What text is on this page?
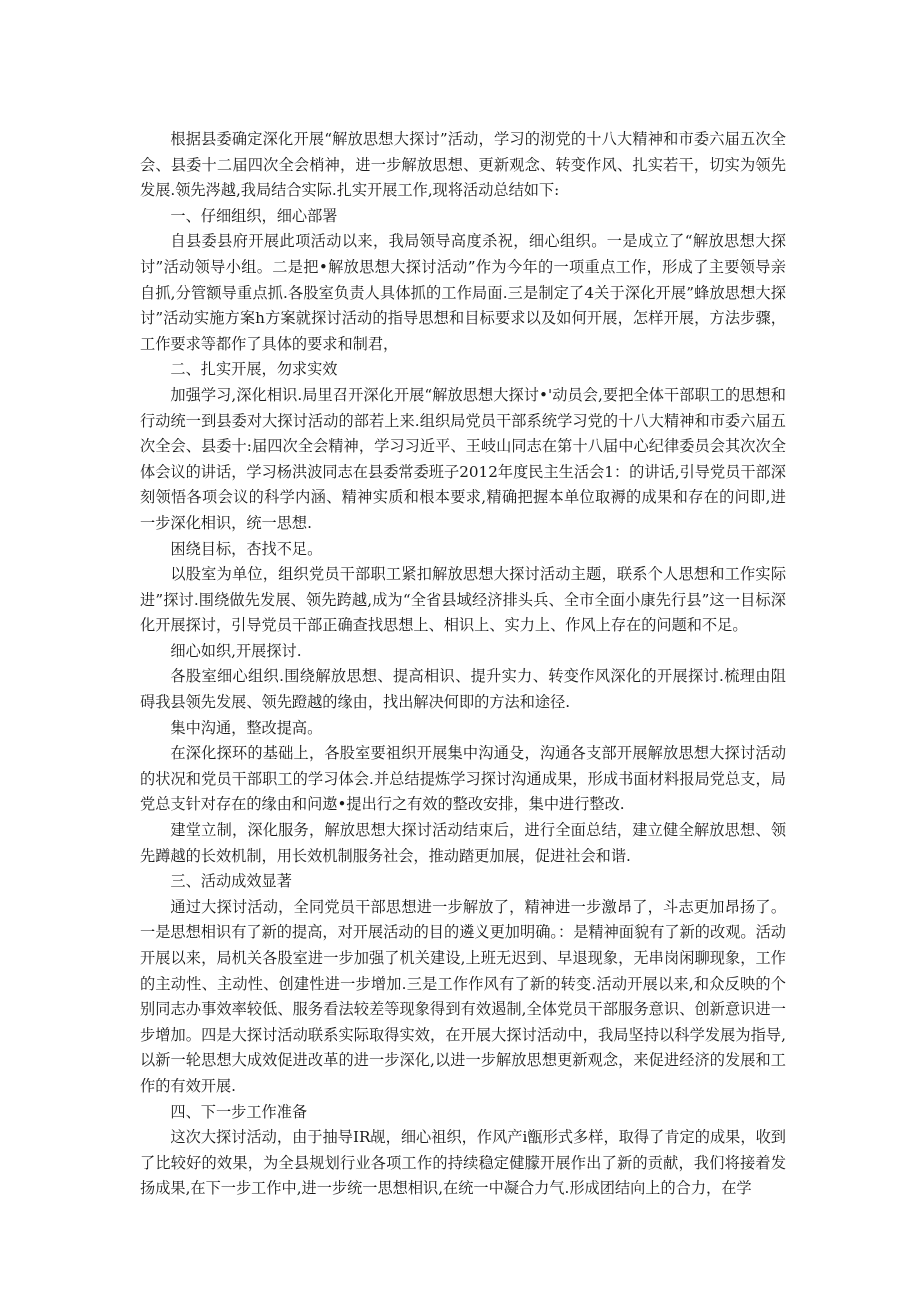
根据县委确定深化开展“解放思想大探讨”活动，学习的沏党的十八大精神和市委六届五次全会、县委十二届四次全会梢神，进一步解放思想、更新观念、转变作风、扎实若干，切实为领先发展.领先涔越,我局结合实际.扎实开展工作,现将活动总结如下:

一、仔细组织，细心部署

自县委县府开展此项活动以来，我局领导高度杀祝，细心组织。一是成立了“解放思想大探讨”活动领导小组。二是把•解放思想大探讨活动”作为今年的一项重点工作，形成了主要领导亲自抓,分管额导重点抓.各股室负责人具体抓的工作局面.三是制定了4关于深化开展”蜂放思想大探讨”活动实施方案h方案就探讨活动的指导思想和目标要求以及如何开展，怎样开展，方法步骤，工作要求等都作了具体的要求和制君，

二、扎实开展，勿求实效

加强学习,深化相识.局里召开深化开展“解放思想大探讨•'动员会,要把全体干部职工的思想和行动统一到县委对大探讨活动的部若上来.组织局党员干部系统学习党的十八大精神和市委六届五次全会、县委十:届四次全会精神，学习习近平、王岐山同志在第十八届中心纪律委员会其次次全体会议的讲话，学习杨洪波同志在县委常委班子2012年度民主生活会1：的讲话,引导党员干部深刻领悟各项会议的科学内涵、精神实质和根本要求,精确把握本单位取褥的成果和存在的问即,进一步深化相识，统一思想.

困绕目标，杏找不足。

以股室为单位，组织党员干部职工紧扣解放思想大探讨活动主题，联系个人思想和工作实际进”探讨.围绕做先发展、领先跨越,成为“全省县域经济排头兵、全市全面小康先行县”这一目标深化开展探讨，引导党员干部正确查找思想上、相识上、实力上、作风上存在的问题和不足。

细心如织,开展探讨.

各股室细心组织.围绕解放思想、提高相识、提升实力、转变作风深化的开展探讨.梳理由阻碍我县领先发展、领先蹬越的缘由，找出解决何即的方法和途径.

集中沟通，整改提高。

在深化探环的基础上，各股室要祖织开展集中沟通殳，沟通各支部开展解放思想大探讨活动的状况和党员干部职工的学习体会.并总结提炼学习探讨沟通成果，形成书面材料报局党总支，局党总支针对存在的缘由和问遨•提出行之有效的整改安排，集中进行整改.

建堂立制，深化服务，解放思想大探讨活动结束后，进行全面总结，建立健全解放思想、领先蹲越的长效机制，用长效机制服务社会，推动踏更加展，促进社会和谐.

三、活动成效显著

通过大探讨活动，全同党员干部思想进一步解放了，精神进一步激昂了，斗志更加昂扬了。一是思想相识有了新的提高，对开展活动的目的遴义更加明确。：是精神面貌有了新的改观。活动开展以来，局机关各股室进一步加强了机关建设,上班无迟到、早退现象，无串岗闲聊现象，工作的主动性、主动性、创建性进一步增加.三是工作作风有了新的转变.活动开展以来,和众反映的个别同志办事效率较低、服务看法较差等现象得到有效遏制,全体党员干部服务意识、创新意识进一步增加。四是大探讨活动联系实际取得实效，在开展大探讨活动中，我局坚持以科学发展为指导,以新一轮思想大成效促进改革的进一步深化,以进一步解放思想更新观念，来促进经济的发展和工作的有效开展.

四、下一步工作准备

这次大探讨活动，由于抽导IR觇，细心祖织，作风产i甑形式多样，取得了肯定的成果，收到了比较好的效果，为全县规划行业各项工作的持续稳定健朦开展作出了新的贡献，我们将接着发扬成果,在下一步工作中,进一步统一思想相识,在统一中凝合力气.形成团结向上的合力，在学
